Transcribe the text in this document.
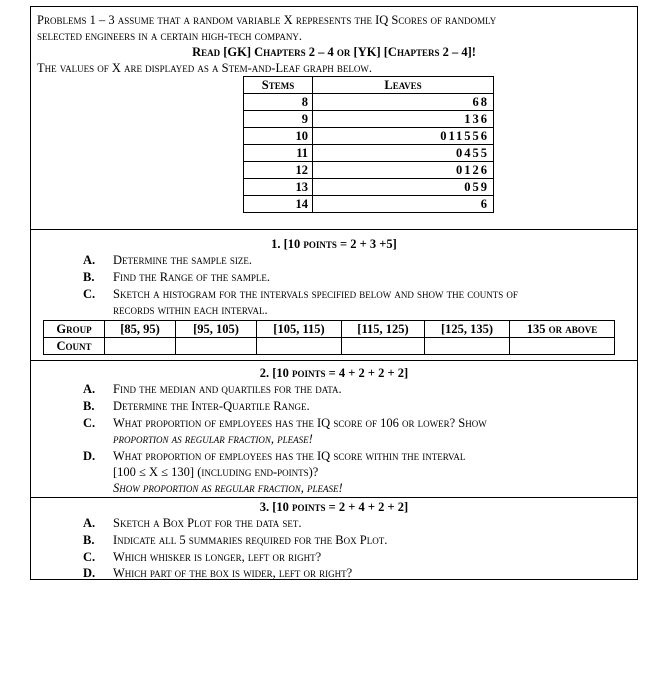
Problems 1 – 3 assume that a random variable X represents the IQ Scores of randomly
selected engineers in a certain high-tech company.
Read [GK] Chapters 2 – 4 or [YK] [Chapters 2 – 4]!
The values of X are displayed as a Stem-and-Leaf graph below.
Stems	Leaves
8	68
9	136
10	011556
11	0455
12	0126
13	059
14	6
1. [10 points = 2 + 3 +5]
A. Determine the sample size.
B. Find the Range of the sample.
C. Sketch a histogram for the intervals specified below and show the counts of
records within each interval.
Group	[85, 95)	[95, 105)	[105, 115)	[115, 125)	[125, 135)	135 or above
Count						
2. [10 points = 4 + 2 + 2 + 2]
A. Find the median and quartiles for the data.
B. Determine the Inter-Quartile Range.
C. What proportion of employees has the IQ score of 106 or lower? Show
proportion as regular fraction, please!
D. What proportion of employees has the IQ score within the interval
[100 ≤ X ≤ 130] (including end-points)?
Show proportion as regular fraction, please!
3. [10 points = 2 + 4 + 2 + 2]
A. Sketch a Box Plot for the data set.
B. Indicate all 5 summaries required for the Box Plot.
C. Which whisker is longer, left or right?
D. Which part of the box is wider, left or right?
